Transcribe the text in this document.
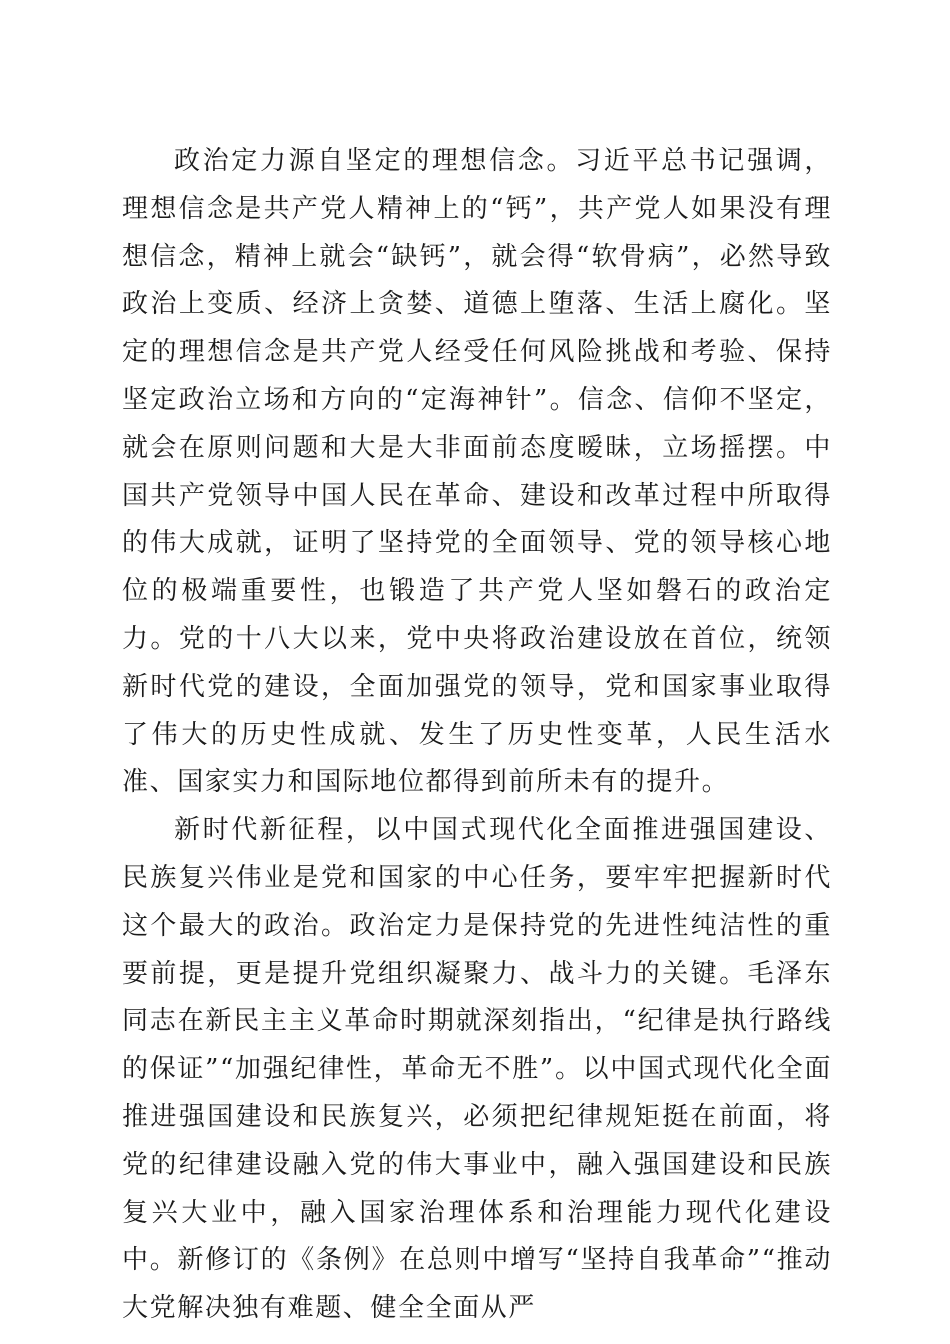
政治定力源自坚定的理想信念。习近平总书记强调，理想信念是共产党人精神上的“钙”，共产党人如果没有理想信念，精神上就会“缺钙”，就会得“软骨病”，必然导致政治上变质、经济上贪婪、道德上堕落、生活上腐化。坚定的理想信念是共产党人经受任何风险挑战和考验、保持坚定政治立场和方向的“定海神针”。信念、信仰不坚定，就会在原则问题和大是大非面前态度暧昧，立场摇摆。中国共产党领导中国人民在革命、建设和改革过程中所取得的伟大成就，证明了坚持党的全面领导、党的领导核心地位的极端重要性，也锻造了共产党人坚如磐石的政治定力。党的十八大以来，党中央将政治建设放在首位，统领新时代党的建设，全面加强党的领导，党和国家事业取得了伟大的历史性成就、发生了历史性变革，人民生活水准、国家实力和国际地位都得到前所未有的提升。

新时代新征程，以中国式现代化全面推进强国建设、民族复兴伟业是党和国家的中心任务，要牢牢把握新时代这个最大的政治。政治定力是保持党的先进性纯洁性的重要前提，更是提升党组织凝聚力、战斗力的关键。毛泽东同志在新民主主义革命时期就深刻指出，“纪律是执行路线的保证”“加强纪律性，革命无不胜”。以中国式现代化全面推进强国建设和民族复兴，必须把纪律规矩挺在前面，将党的纪律建设融入党的伟大事业中，融入强国建设和民族复兴大业中，融入国家治理体系和治理能力现代化建设中。新修订的《条例》在总则中增写“坚持自我革命”“推动大党解决独有难题、健全全面从严
